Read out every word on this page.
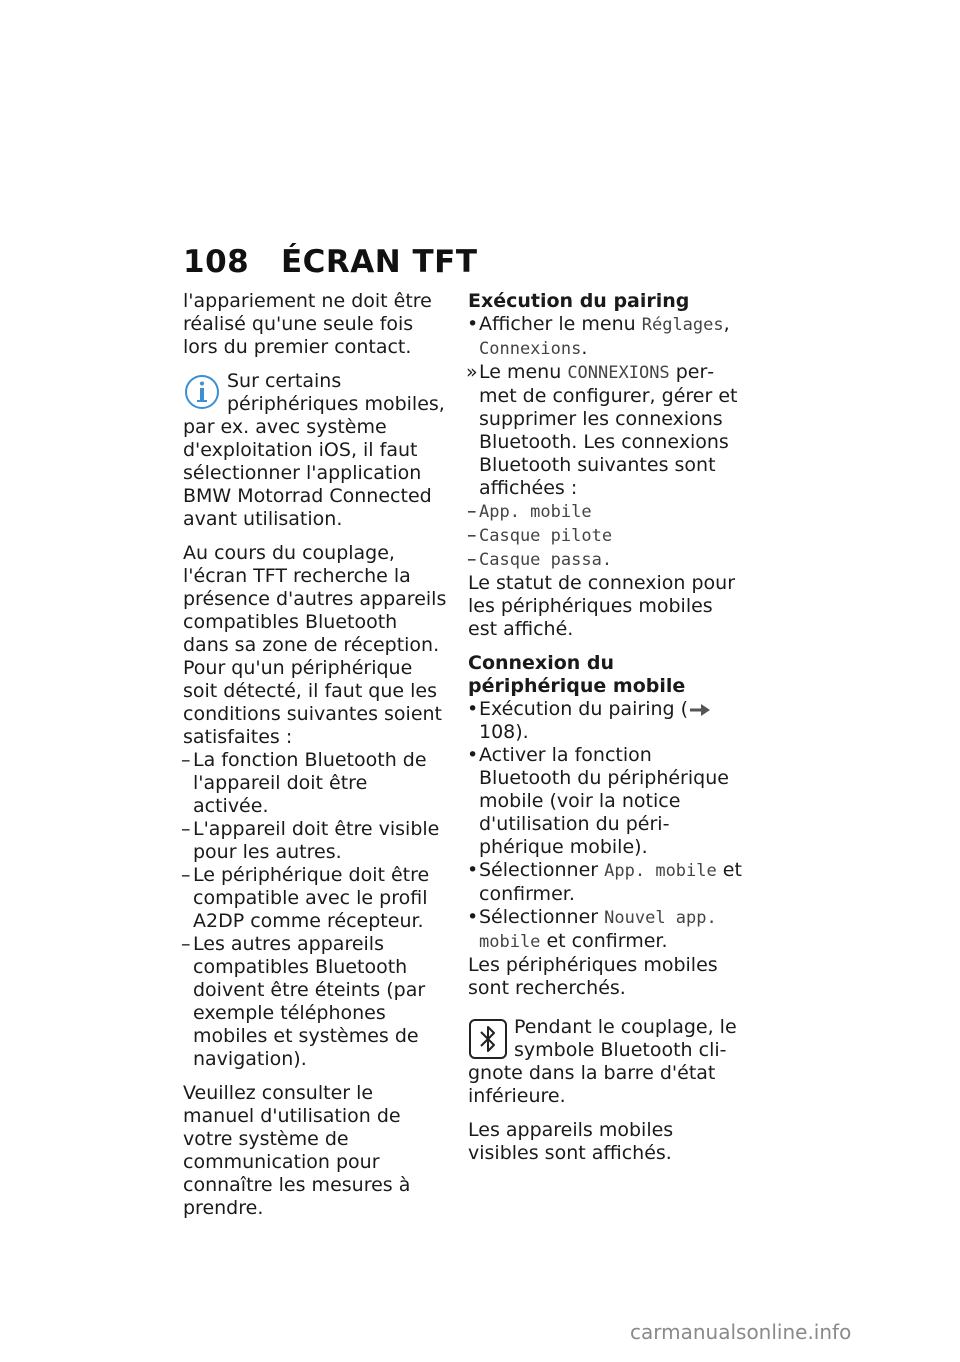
108 ÉCRAN TFT

l'appariement ne doit être réalisé qu'une seule fois lors du premier contact.

Sur certains périphériques mobiles, par ex. avec système d'exploitation iOS, il faut sélectionner l'application BMW Motorrad Connected avant utilisation.

Au cours du couplage, l'écran TFT recherche la présence d'autres appareils compatibles Bluetooth dans sa zone de réception. Pour qu'un périphérique soit détecté, il faut que les conditions suivantes soient satisfaites :

– La fonction Bluetooth de l'appareil doit être activée.
– L'appareil doit être visible pour les autres.
– Le périphérique doit être compatible avec le profil A2DP comme récepteur.
– Les autres appareils compatibles Bluetooth doivent être éteints (par exemple téléphones mobiles et systèmes de navigation).

Veuillez consulter le manuel d'utilisation de votre système de communication pour connaître les mesures à prendre.

Exécution du pairing
• Afficher le menu Réglages,
Connexions.
» Le menu CONNEXIONS permet de configurer, gérer et supprimer les connexions Bluetooth. Les connexions Bluetooth suivantes sont affichées :
– App. mobile
– Casque pilote
– Casque passa.

Le statut de connexion pour les périphériques mobiles est affiché.

Connexion du périphérique mobile
• Exécution du pairing ( 108).
• Activer la fonction Bluetooth du périphérique mobile (voir la notice d'utilisation du périphérique mobile).
• Sélectionner App. mobile et confirmer.
• Sélectionner Nouvel app. mobile et confirmer.

Les périphériques mobiles sont recherchés.

Pendant le couplage, le symbole Bluetooth clignote dans la barre d'état inférieure.

Les appareils mobiles visibles sont affichés.

carmanualsonline.info
